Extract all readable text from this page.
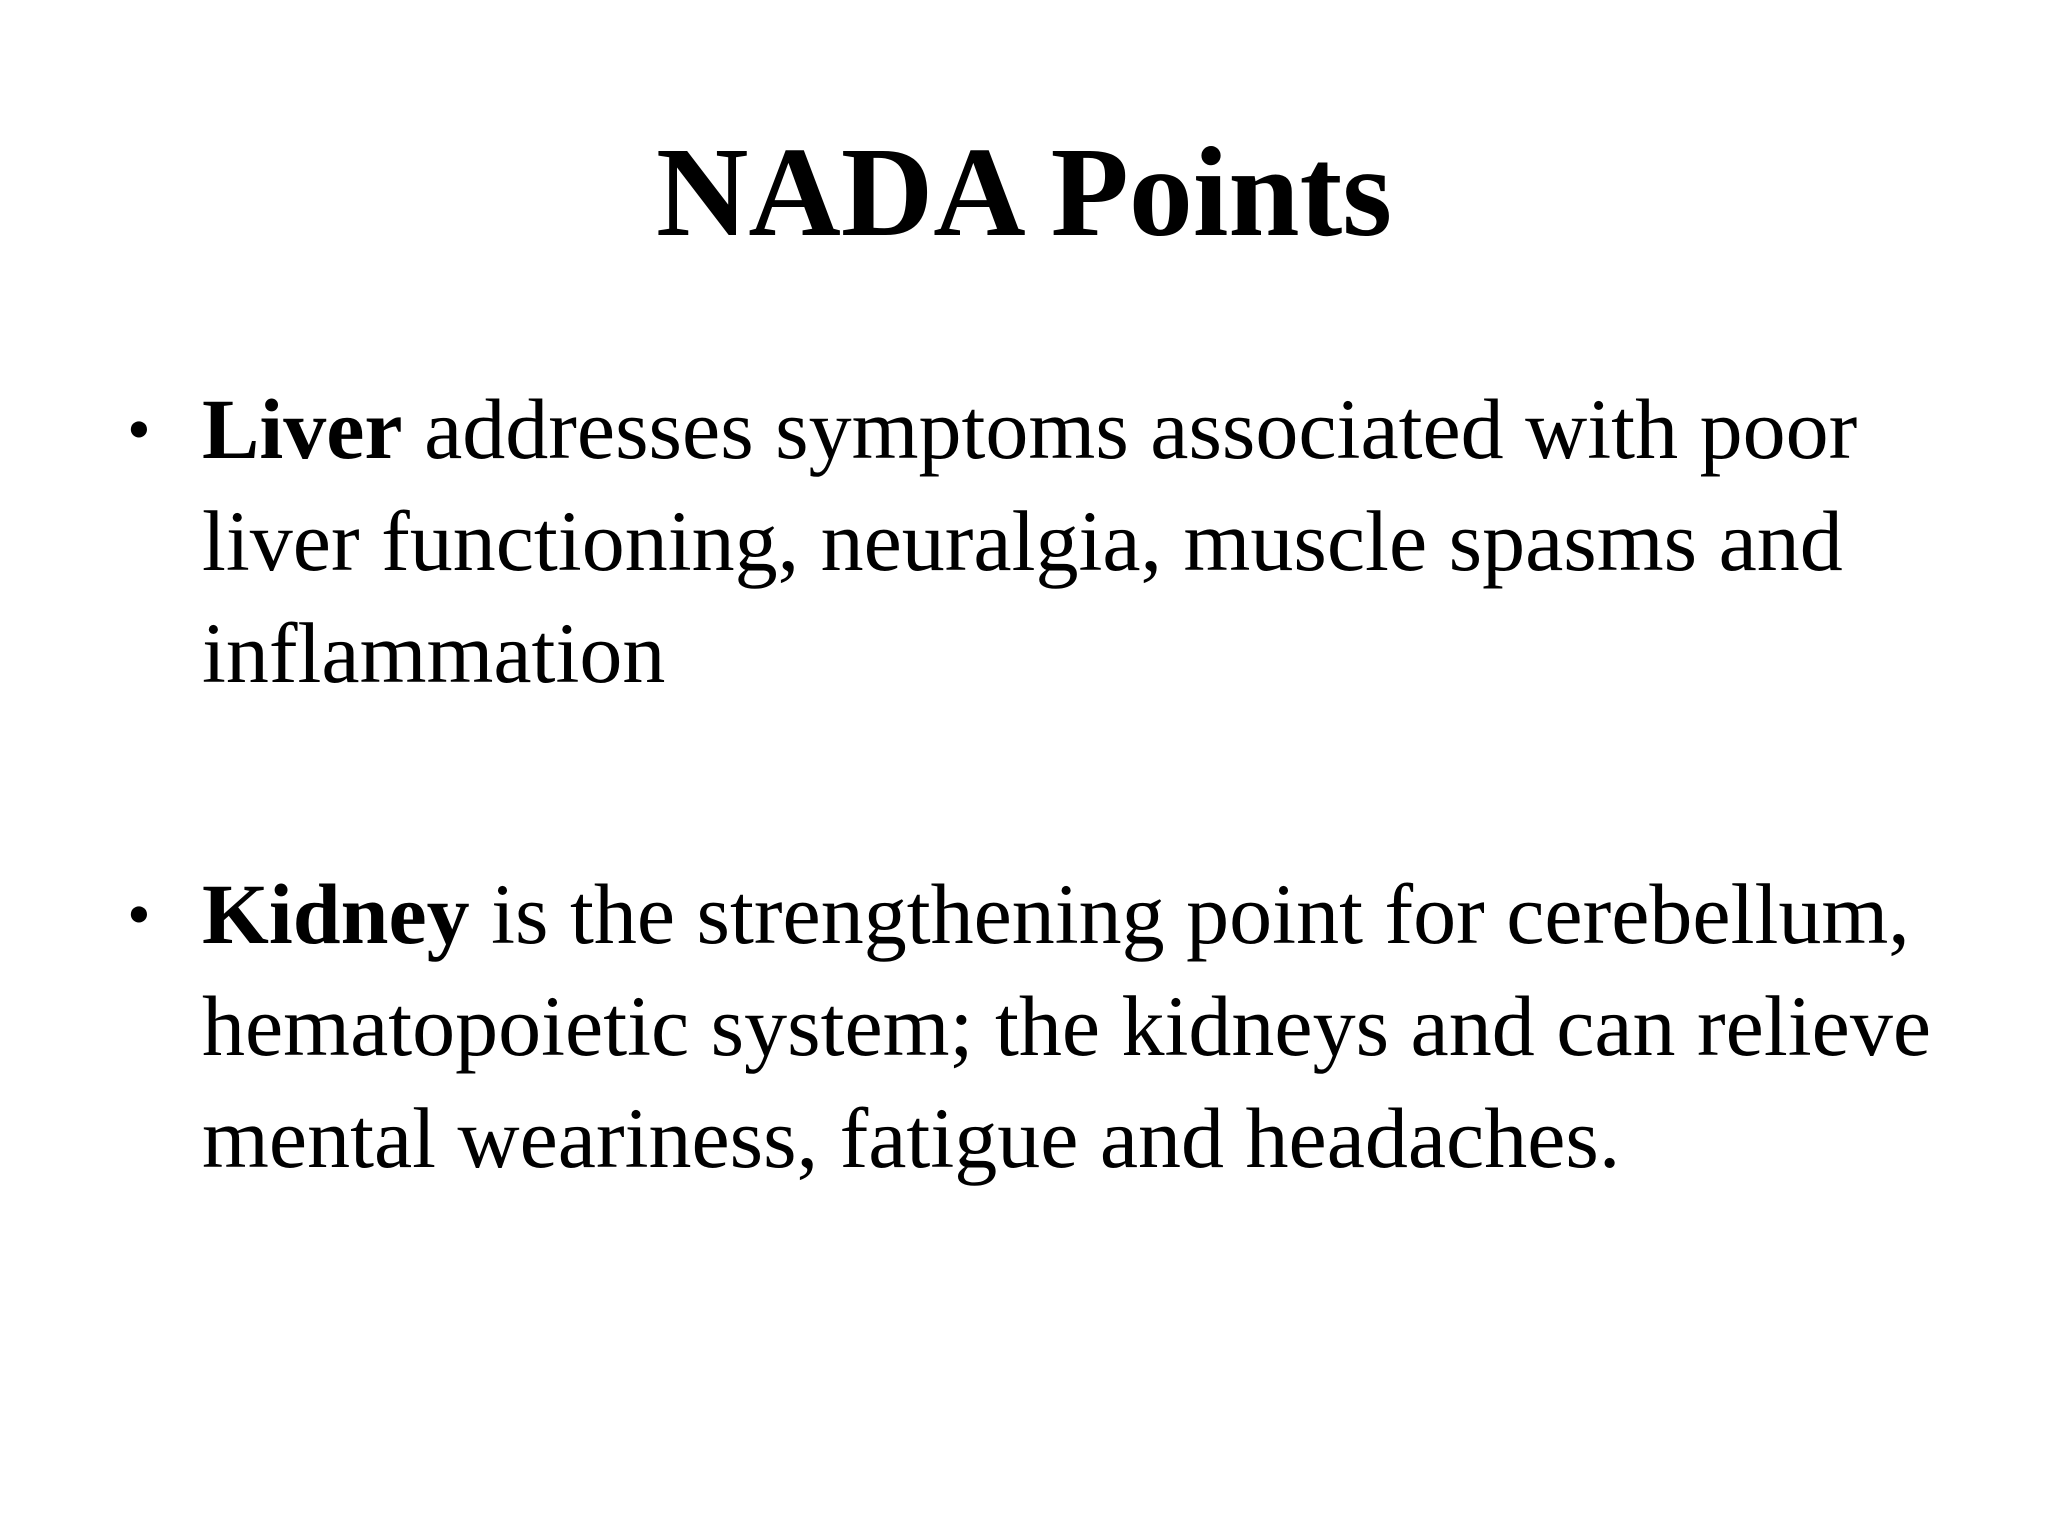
NADA Points
• Liver addresses symptoms associated with poor liver functioning, neuralgia, muscle spasms and inflammation
• Kidney is the strengthening point for cerebellum, hematopoietic system; the kidneys and can relieve mental weariness, fatigue and headaches.
